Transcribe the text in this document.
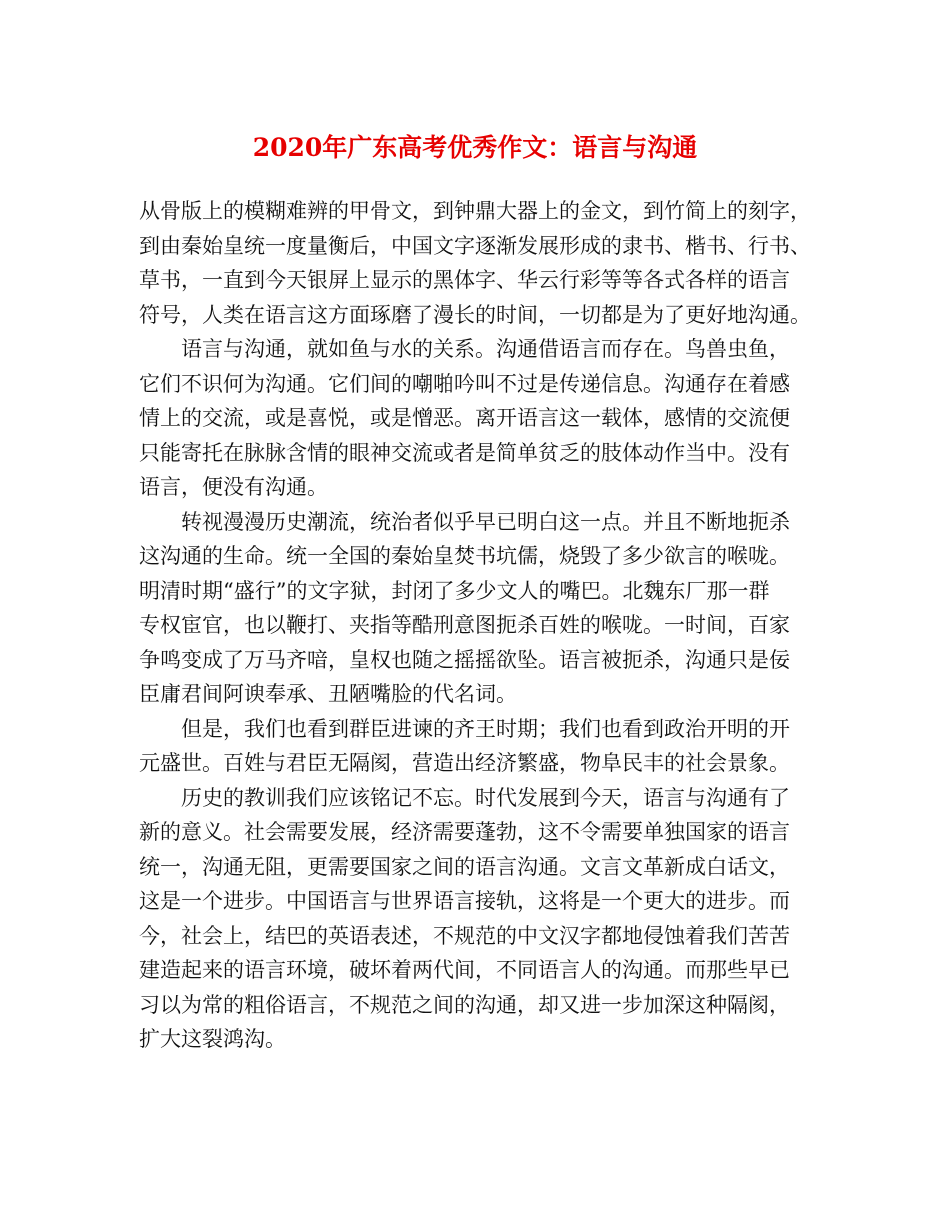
2020年广东高考优秀作文：语言与沟通
从骨版上的模糊难辨的甲骨文，到钟鼎大器上的金文，到竹简上的刻字，
到由秦始皇统一度量衡后，中国文字逐渐发展形成的隶书、楷书、行书、
草书，一直到今天银屏上显示的黑体字、华云行彩等等各式各样的语言
符号，人类在语言这方面琢磨了漫长的时间，一切都是为了更好地沟通。
语言与沟通，就如鱼与水的关系。沟通借语言而存在。鸟兽虫鱼，
它们不识何为沟通。它们间的嘲啪吟叫不过是传递信息。沟通存在着感
情上的交流，或是喜悦，或是憎恶。离开语言这一载体，感情的交流便
只能寄托在脉脉含情的眼神交流或者是简单贫乏的肢体动作当中。没有
语言，便没有沟通。
转视漫漫历史潮流，统治者似乎早已明白这一点。并且不断地扼杀
这沟通的生命。统一全国的秦始皇焚书坑儒，烧毁了多少欲言的喉咙。
明清时期“盛行”的文字狱，封闭了多少文人的嘴巴。北魏东厂那一群
专权宦官，也以鞭打、夹指等酷刑意图扼杀百姓的喉咙。一时间，百家
争鸣变成了万马齐喑，皇权也随之摇摇欲坠。语言被扼杀，沟通只是佞
臣庸君间阿谀奉承、丑陋嘴脸的代名词。
但是，我们也看到群臣进谏的齐王时期；我们也看到政治开明的开
元盛世。百姓与君臣无隔阂，营造出经济繁盛，物阜民丰的社会景象。
历史的教训我们应该铭记不忘。时代发展到今天，语言与沟通有了
新的意义。社会需要发展，经济需要蓬勃，这不令需要单独国家的语言
统一，沟通无阻，更需要国家之间的语言沟通。文言文革新成白话文，
这是一个进步。中国语言与世界语言接轨，这将是一个更大的进步。而
今，社会上，结巴的英语表述，不规范的中文汉字都地侵蚀着我们苦苦
建造起来的语言环境，破坏着两代间，不同语言人的沟通。而那些早已
习以为常的粗俗语言，不规范之间的沟通，却又进一步加深这种隔阂，
扩大这裂鸿沟。
